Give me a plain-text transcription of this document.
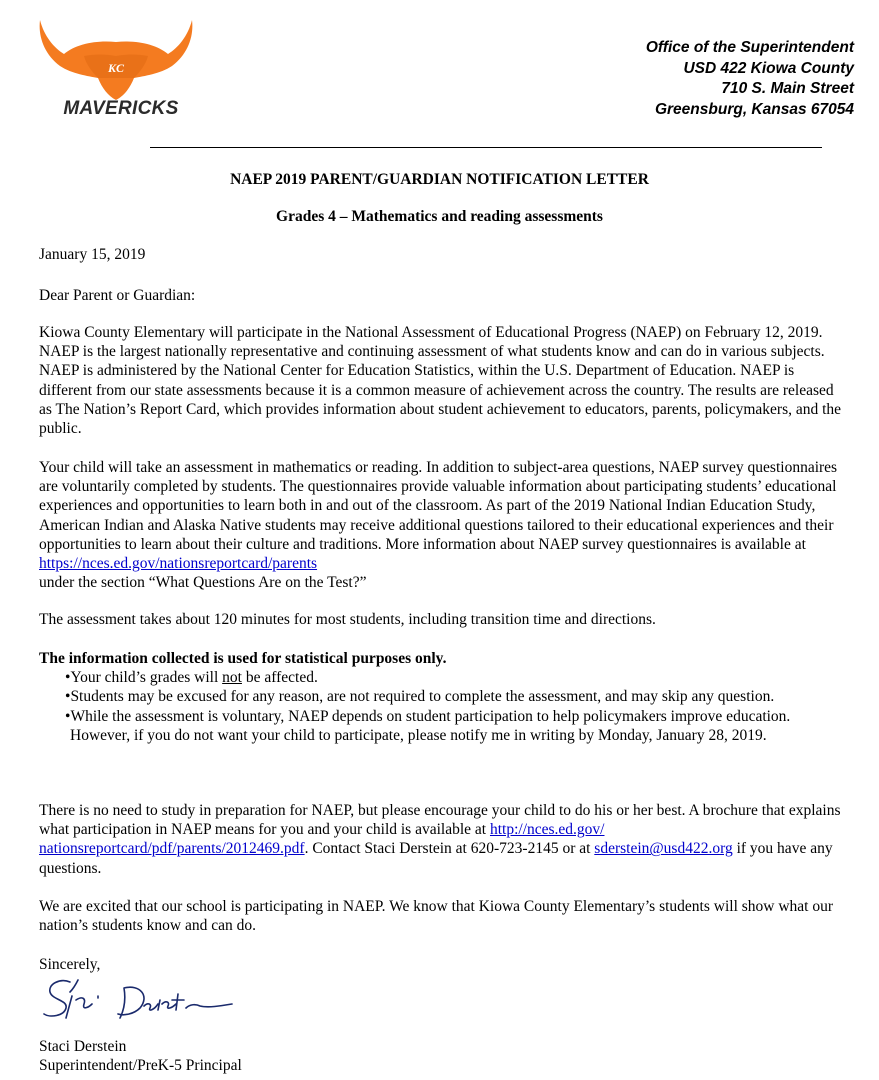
KC
MAVERICKS
Office of the Superintendent
USD 422 Kiowa County
710 S. Main Street
Greensburg, Kansas 67054
NAEP 2019 PARENT/GUARDIAN NOTIFICATION LETTER
Grades 4 – Mathematics and reading assessments
January 15, 2019
Dear Parent or Guardian:
Kiowa County Elementary will participate in the National Assessment of Educational Progress (NAEP) on February 12, 2019. NAEP is the largest nationally representative and continuing assessment of what students know and can do in various subjects. NAEP is administered by the National Center for Education Statistics, within the U.S. Department of Education. NAEP is different from our state assessments because it is a common measure of achievement across the country. The results are released as The Nation’s Report Card, which provides information about student achievement to educators, parents, policymakers, and the public.
Your child will take an assessment in mathematics or reading. In addition to subject-area questions, NAEP survey questionnaires are voluntarily completed by students. The questionnaires provide valuable information about participating students’ educational experiences and opportunities to learn both in and out of the classroom. As part of the 2019 National Indian Education Study, American Indian and Alaska Native students may receive additional questions tailored to their educational experiences and their opportunities to learn about their culture and traditions. More information about NAEP survey questionnaires is available at https://nces.ed.gov/nationsreportcard/parents
under the section “What Questions Are on the Test?”
The assessment takes about 120 minutes for most students, including transition time and directions.

The information collected is used for statistical purposes only.

•Your child’s grades will not be affected.

•Students may be excused for any reason, are not required to complete the assessment, and may skip any question.

•While the assessment is voluntary, NAEP depends on student participation to help policymakers improve education. However, if you do not want your child to participate, please notify me in writing by Monday, January 28, 2019.

There is no need to study in preparation for NAEP, but please encourage your child to do his or her best. A brochure that explains what participation in NAEP means for you and your child is available at http://nces.ed.gov/
nationsreportcard/pdf/parents/2012469.pdf. Contact Staci Derstein at 620-723-2145 or at sderstein@usd422.org if you have any questions.
We are excited that our school is participating in NAEP. We know that Kiowa County Elementary’s students will show what our nation’s students know and can do.
Sincerely,
Staci Derstein
Superintendent/PreK-5 Principal
